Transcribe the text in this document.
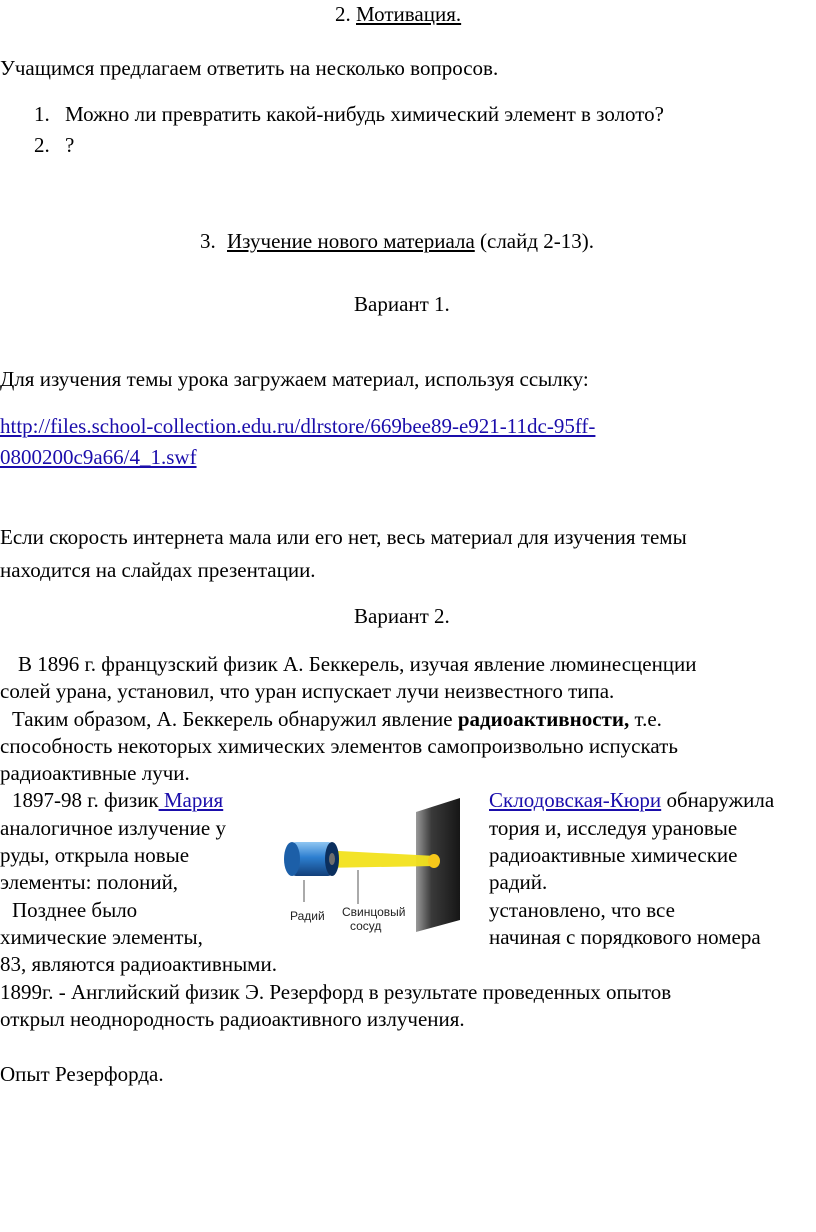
2. Мотивация.
Учащимся предлагаем ответить на несколько вопросов.
1. Можно ли превратить какой-нибудь химический элемент в золото?
2. ?
3. Изучение нового материала (слайд 2-13).
Вариант 1.
Для изучения темы урока загружаем материал, используя ссылку:
http://files.school-collection.edu.ru/dlrstore/669bee89-e921-11dc-95ff-
0800200c9a66/4_1.swf
Если скорость интернета мала или его нет, весь материал для изучения темы
находится на слайдах презентации.
Вариант 2.
В 1896 г. французский физик А. Беккерель, изучая явление люминесценции
солей урана, установил, что уран испускает лучи неизвестного типа.
Таким образом, А. Беккерель обнаружил явление радиоактивности, т.е.
способность некоторых химических элементов самопроизвольно испускать
радиоактивные лучи.
1897-98 г. физик Мария	Склодовская-Кюри обнаружила
аналогичное излучение у	тория и, исследуя урановые
руды, открыла новые	радиоактивные химические
элементы: полоний,	радий.
Позднее было	установлено, что все
химические элементы,	начиная с порядкового номера
83, являются радиоактивными.
1899г. - Английский физик Э. Резерфорд в результате проведенных опытов
открыл неоднородность радиоактивного излучения.
Опыт Резерфорда.
Радий Свинцовый
сосуд
